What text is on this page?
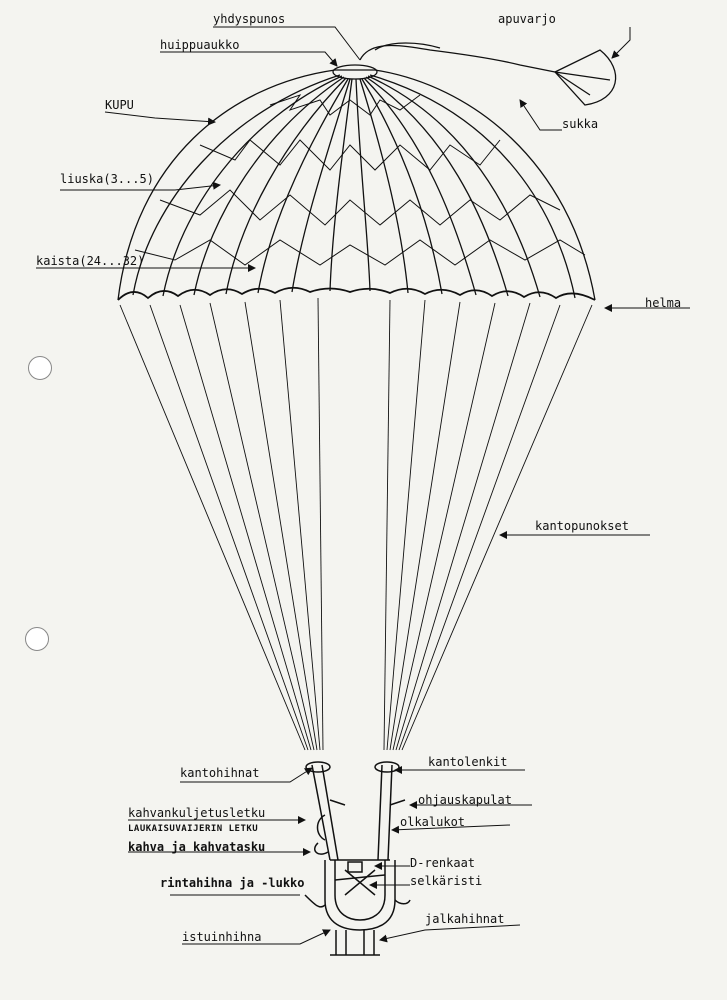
yhdyspunos
huippuaukko
apuvarjo
KUPU
sukka
liuska(3...5)
kaista(24...32)
helma
kantopunokset
kantohihnat
kantolenkit
kahvankuljetusletku
LAUKAISUVAIJERIN LETKU
ohjauskapulat
olkalukot
kahva ja kahvatasku
D-renkaat
selkäristi
rintahihna ja -lukko
jalkahihnat
istuinhihna
